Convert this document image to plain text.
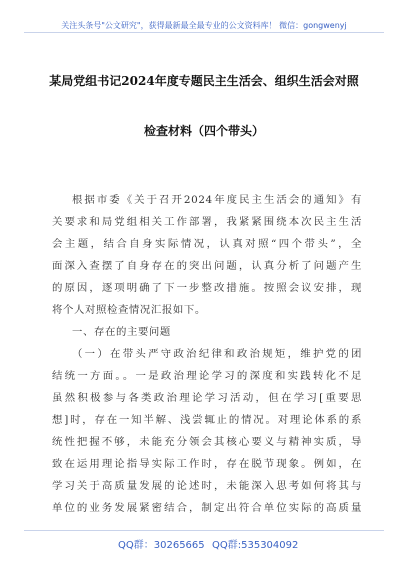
关注头条号"公文研究"，获得最新最全最专业的公文资料库！ 微信：gongwenyj
某局党组书记2024年度专题民主生活会、组织生活会对照
检查材料（四个带头）
根据市委《关于召开2024年度民主生活会的通知》有
关要求和局党组相关工作部署，我紧紧围绕本次民主生活
会主题，结合自身实际情况，认真对照“四个带头”，全
面深入查摆了自身存在的突出问题，认真分析了问题产生
的原因，逐项明确了下一步整改措施。按照会议安排，现
将个人对照检查情况汇报如下。
一、存在的主要问题
（一）在带头严守政治纪律和政治规矩，维护党的团
结统一方面。。一是政治理论学习的深度和实践转化不足
虽然积极参与各类政治理论学习活动，但在学习[重要思
想]时，存在一知半解、浅尝辄止的情况。对理论体系的系
统性把握不够，未能充分领会其核心要义与精神实质，导
致在运用理论指导实际工作时，存在脱节现象。例如，在
学习关于高质量发展的论述时，未能深入思考如何将其与
单位的业务发展紧密结合，制定出符合单位实际的高质量
QQ群：30265665 QQ群:535304092
